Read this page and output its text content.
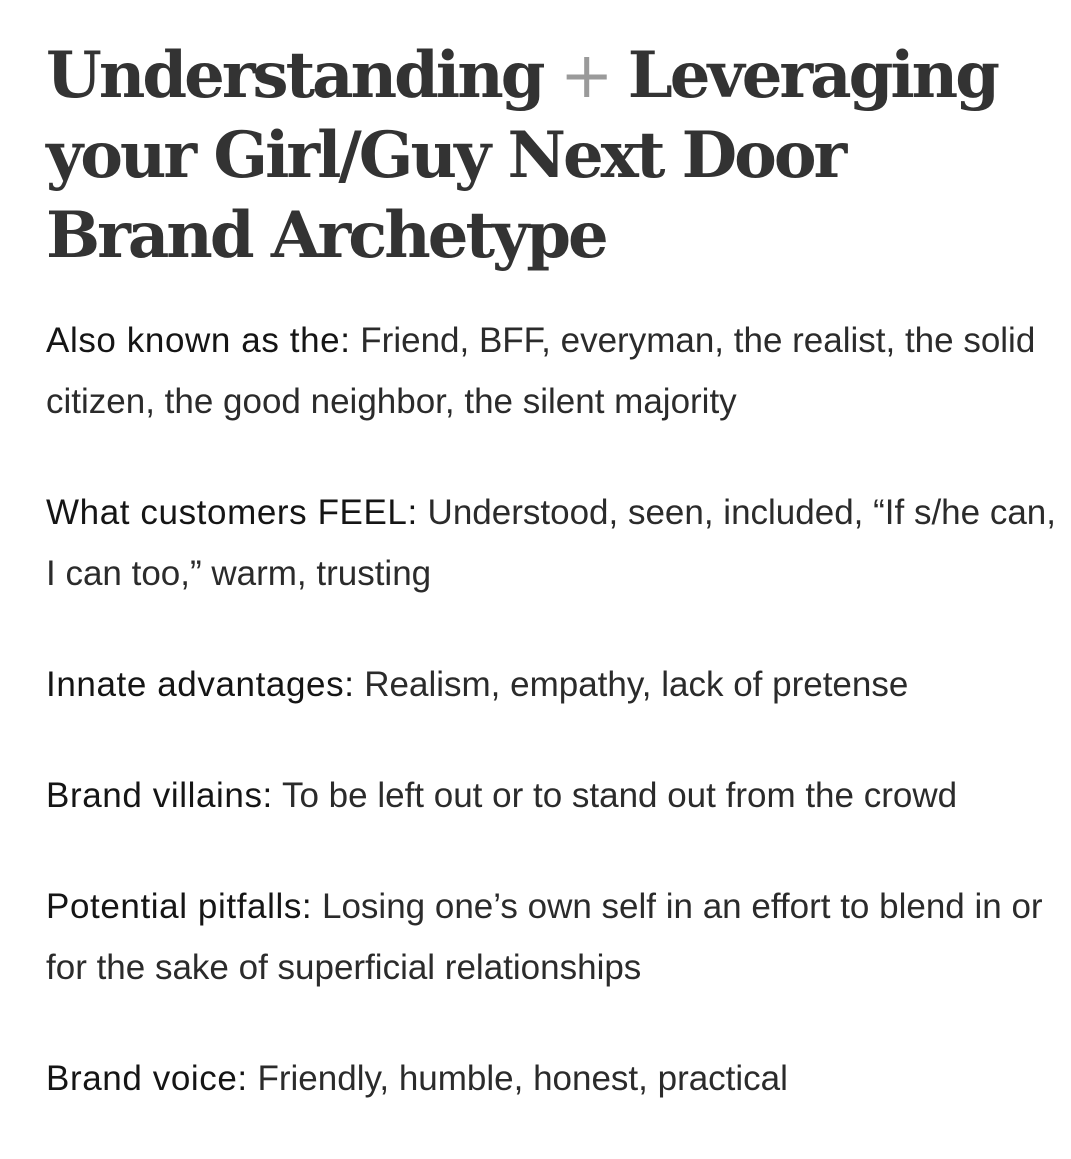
Understanding + Leveraging your Girl/Guy Next Door Brand Archetype

Also known as the: Friend, BFF, everyman, the realist, the solid citizen, the good neighbor, the silent majority

What customers FEEL: Understood, seen, included, “If s/he can, I can too,” warm, trusting

Innate advantages: Realism, empathy, lack of pretense

Brand villains: To be left out or to stand out from the crowd

Potential pitfalls: Losing one’s own self in an effort to blend in or for the sake of superficial relationships

Brand voice: Friendly, humble, honest, practical
